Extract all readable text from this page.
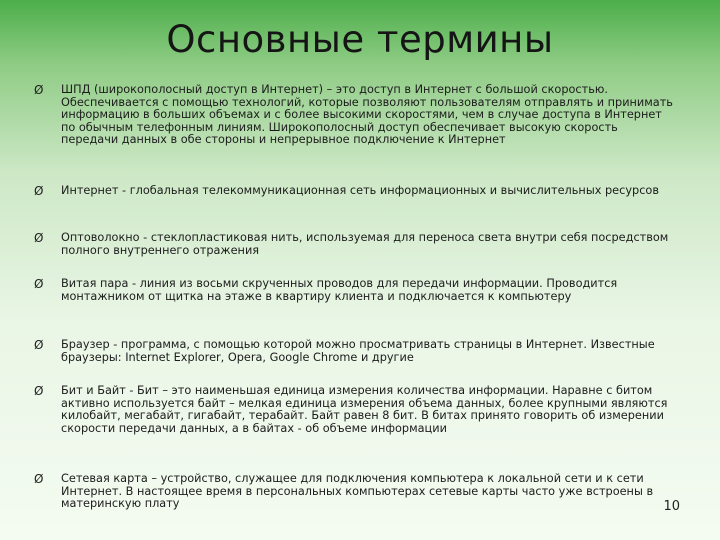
Основные термины
Ø	ШПД (широкополосный доступ в Интернет) – это доступ в Интернет с большой скоростью. Обеспечивается с помощью технологий, которые позволяют пользователям отправлять и принимать информацию в больших объемах и с более высокими скоростями, чем в случае доступа в Интернет по обычным телефонным линиям. Широкополосный доступ обеспечивает высокую скорость передачи данных в обе стороны и непрерывное подключение к Интернет
Ø	Интернет - глобальная телекоммуникационная сеть информационных и вычислительных ресурсов
Ø	Оптоволокно - стеклопластиковая нить, используемая для переноса света внутри себя посредством полного внутреннего отражения
Ø	Витая пара - линия из восьми скрученных проводов для передачи информации. Проводится монтажником от щитка на этаже в квартиру клиента и подключается к компьютеру
Ø	Браузер - программа, с помощью которой можно просматривать страницы в Интернет. Известные браузеры: Internet Explorer, Opera, Google Chrome и другие
Ø	Бит и Байт - Бит – это наименьшая единица измерения количества информации. Наравне с битом активно используется байт – мелкая единица измерения объема данных, более крупными являются килобайт, мегабайт, гигабайт, терабайт. Байт равен 8 бит. В битах принято говорить об измерении скорости передачи данных, а в байтах - об объеме информации
Ø	Сетевая карта – устройство, служащее для подключения компьютера к локальной сети и к сети Интернет. В настоящее время в персональных компьютерах сетевые карты часто уже встроены в материнскую плату	10
